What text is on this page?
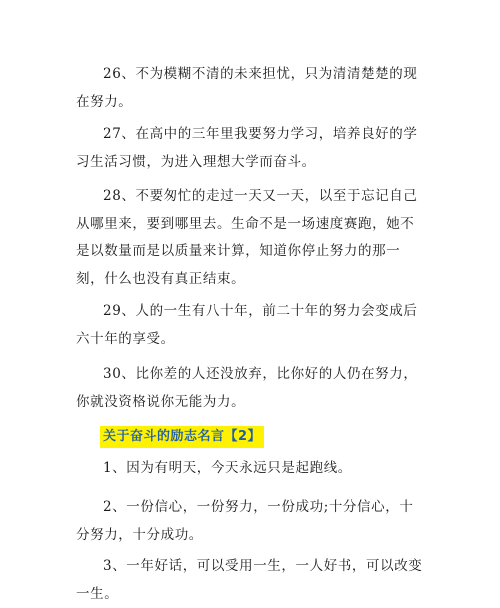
26、不为模糊不清的未来担忧，只为清清楚楚的现在努力。

27、在高中的三年里我要努力学习，培养良好的学习生活习惯，为进入理想大学而奋斗。

28、不要匆忙的走过一天又一天，以至于忘记自己从哪里来，要到哪里去。生命不是一场速度赛跑，她不是以数量而是以质量来计算，知道你停止努力的那一刻，什么也没有真正结束。

29、人的一生有八十年，前二十年的努力会变成后六十年的享受。

30、比你差的人还没放弃，比你好的人仍在努力，你就没资格说你无能为力。

关于奋斗的励志名言【2】

1、因为有明天，今天永远只是起跑线。

2、一份信心，一份努力，一份成功;十分信心，十分努力，十分成功。

3、一年好话，可以受用一生，一人好书，可以改变一生。
